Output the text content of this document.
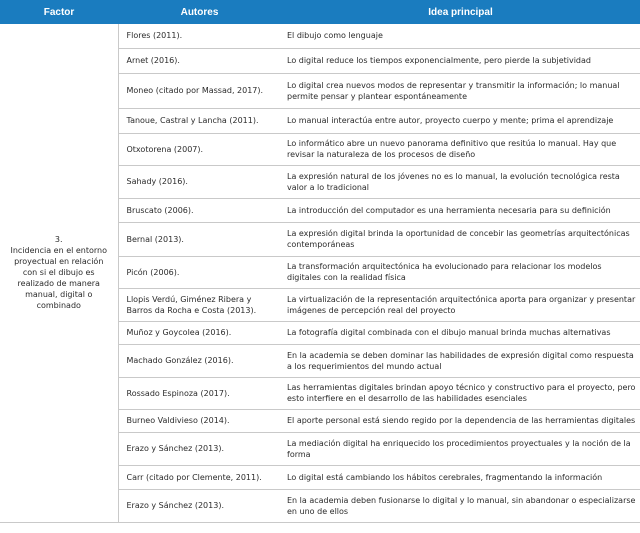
Factor	Autores	Idea principal

3.
Incidencia en el entorno proyectual en relación con si el dibujo es realizado de manera manual, digital o combinado	Flores (2011).	El dibujo como lenguaje
	Arnet (2016).	Lo digital reduce los tiempos exponencialmente, pero pierde la subjetividad
	Moneo (citado por Massad, 2017).	Lo digital crea nuevos modos de representar y transmitir la información; lo manual permite pensar y plantear espontáneamente
	Tanoue, Castral y Lancha (2011).	Lo manual interactúa entre autor, proyecto cuerpo y mente; prima el aprendizaje
	Otxotorena (2007).	Lo informático abre un nuevo panorama definitivo que resitúa lo manual. Hay que revisar la naturaleza de los procesos de diseño
	Sahady (2016).	La expresión natural de los jóvenes no es lo manual, la evolución tecnológica resta valor a lo tradicional
	Bruscato (2006).	La introducción del computador es una herramienta necesaria para su definición
	Bernal (2013).	La expresión digital brinda la oportunidad de concebir las geometrías arquitectónicas contemporáneas
	Picón (2006).	La transformación arquitectónica ha evolucionado para relacionar los modelos digitales con la realidad física
	Llopis Verdú, Giménez Ribera y Barros da Rocha e Costa (2013).	La virtualización de la representación arquitectónica aporta para organizar y presentar imágenes de percepción real del proyecto
	Muñoz y Goycolea (2016).	La fotografía digital combinada con el dibujo manual brinda muchas alternativas
	Machado González (2016).	En la academia se deben dominar las habilidades de expresión digital como respuesta a los requerimientos del mundo actual
	Rossado Espinoza (2017).	Las herramientas digitales brindan apoyo técnico y constructivo para el proyecto, pero esto interfiere en el desarrollo de las habilidades esenciales
	Burneo Valdivieso (2014).	El aporte personal está siendo regido por la dependencia de las herramientas digitales
	Erazo y Sánchez (2013).	La mediación digital ha enriquecido los procedimientos proyectuales y la noción de la forma
	Carr (citado por Clemente, 2011).	Lo digital está cambiando los hábitos cerebrales, fragmentando la información
	Erazo y Sánchez (2013).	En la academia deben fusionarse lo digital y lo manual, sin abandonar o especializarse en uno de ellos
